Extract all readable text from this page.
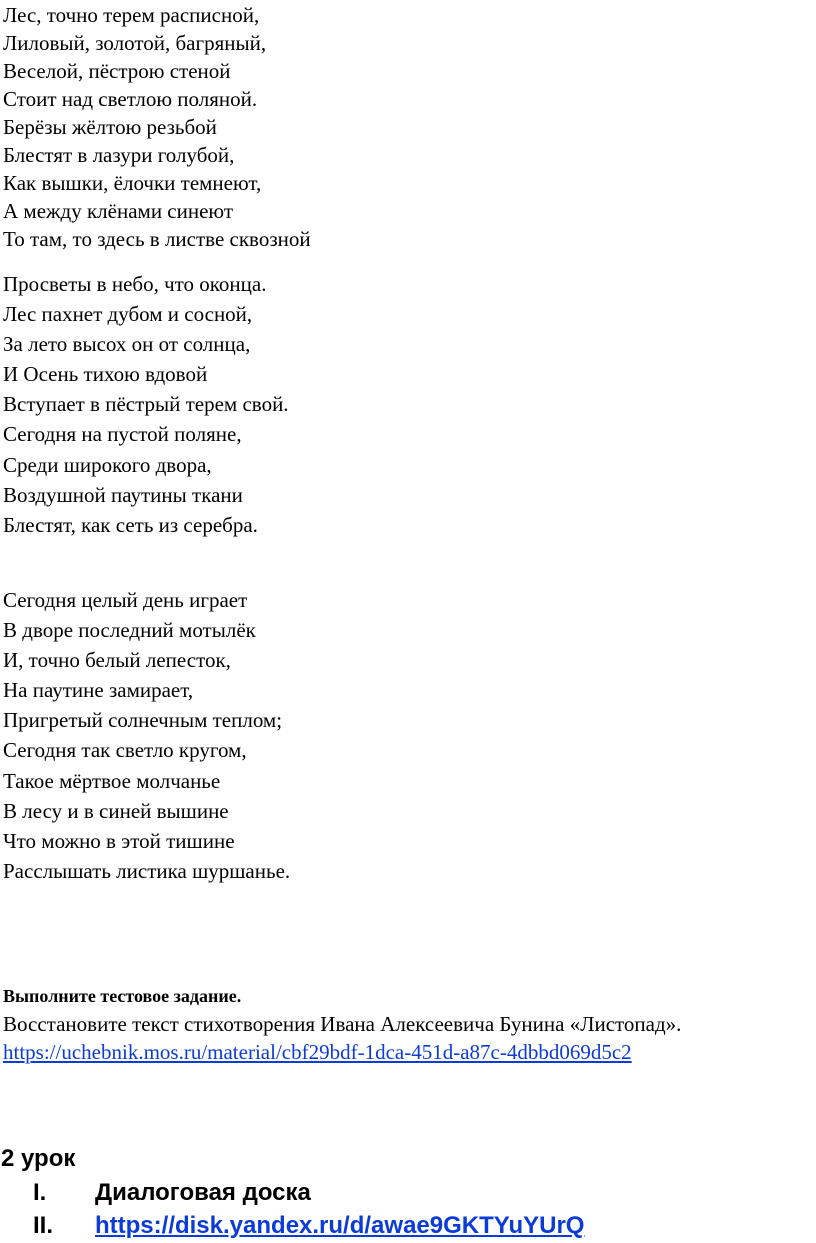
Лес, точно терем расписной,
Лиловый, золотой, багряный,
Веселой, пёстрою стеной
Стоит над светлою поляной.
Берёзы жёлтою резьбой
Блестят в лазури голубой,
Как вышки, ёлочки темнеют,
А между клёнами синеют
То там, то здесь в листве сквозной
Просветы в небо, что оконца.
Лес пахнет дубом и сосной,
За лето высох он от солнца,
И Осень тихою вдовой
Вступает в пёстрый терем свой.
Сегодня на пустой поляне,
Среди широкого двора,
Воздушной паутины ткани
Блестят, как сеть из серебра.
Сегодня целый день играет
В дворе последний мотылёк
И, точно белый лепесток,
На паутине замирает,
Пригретый солнечным теплом;
Сегодня так светло кругом,
Такое мёртвое молчанье
В лесу и в синей вышине
Что можно в этой тишине
Расслышать листика шуршанье.
Выполните тестовое задание.
Восстановите текст стихотворения Ивана Алексеевича Бунина «Листопад».
https://uchebnik.mos.ru/material/cbf29bdf-1dca-451d-a87c-4dbbd069d5c2
2 урок
I. Диалоговая доска
II. https://disk.yandex.ru/d/awae9GKTYuYUrQ
